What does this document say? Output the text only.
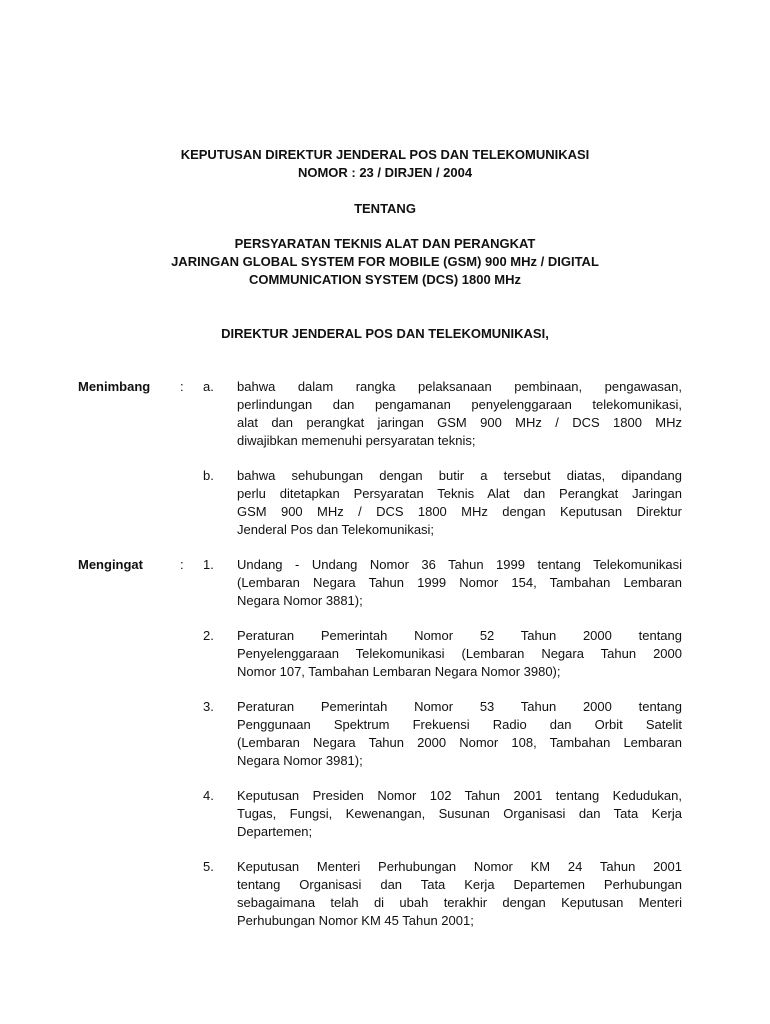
KEPUTUSAN DIREKTUR JENDERAL POS DAN TELEKOMUNIKASI
NOMOR : 23 / DIRJEN / 2004
TENTANG
PERSYARATAN TEKNIS ALAT DAN PERANGKAT
JARINGAN GLOBAL SYSTEM FOR MOBILE (GSM) 900 MHz / DIGITAL
COMMUNICATION SYSTEM (DCS) 1800 MHz
DIREKTUR JENDERAL POS DAN TELEKOMUNIKASI,
Menimbang : a. bahwa dalam rangka pelaksanaan pembinaan, pengawasan,
perlindungan dan pengamanan penyelenggaraan telekomunikasi,
alat dan perangkat jaringan GSM 900 MHz / DCS 1800 MHz
diwajibkan memenuhi persyaratan teknis;
b. bahwa sehubungan dengan butir a tersebut diatas, dipandang
perlu ditetapkan Persyaratan Teknis Alat dan Perangkat Jaringan
GSM 900 MHz / DCS 1800 MHz dengan Keputusan Direktur
Jenderal Pos dan Telekomunikasi;
Mengingat	: 1. Undang - Undang Nomor 36 Tahun 1999 tentang Telekomunikasi
(Lembaran Negara Tahun 1999 Nomor 154, Tambahan Lembaran
Negara Nomor 3881);
2. Peraturan Pemerintah Nomor 52 Tahun 2000 tentang
Penyelenggaraan Telekomunikasi (Lembaran Negara Tahun 2000
Nomor 107, Tambahan Lembaran Negara Nomor 3980);
3. Peraturan Pemerintah Nomor 53 Tahun 2000 tentang
Penggunaan Spektrum Frekuensi Radio dan Orbit Satelit
(Lembaran Negara Tahun 2000 Nomor 108, Tambahan Lembaran
Negara Nomor 3981);
4. Keputusan Presiden Nomor 102 Tahun 2001 tentang Kedudukan,
Tugas, Fungsi, Kewenangan, Susunan Organisasi dan Tata Kerja
Departemen;
5. Keputusan Menteri Perhubungan Nomor KM 24 Tahun 2001
tentang Organisasi dan Tata Kerja Departemen Perhubungan
sebagaimana telah di ubah terakhir dengan Keputusan Menteri
Perhubungan Nomor KM 45 Tahun 2001;
